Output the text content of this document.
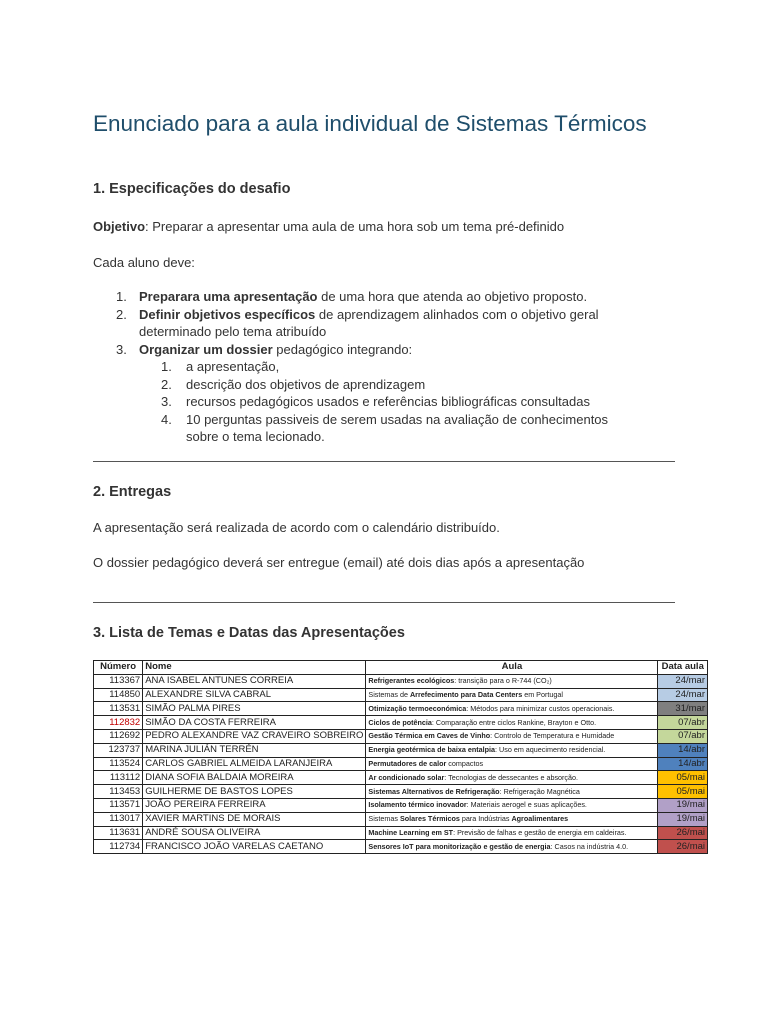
Enunciado para a aula individual de Sistemas Térmicos
1. Especificações do desafio

Objetivo: Preparar a apresentar uma aula de uma hora sob um tema pré-definido

Cada aluno deve:

1. Preparara uma apresentação de uma hora que atenda ao objetivo proposto.
2. Definir objetivos específicos de aprendizagem alinhados com o objetivo geral
determinado pelo tema atribuído
3. Organizar um dossier pedagógico integrando:
1. a apresentação,
2. descrição dos objetivos de aprendizagem
3. recursos pedagógicos usados e referências bibliográficas consultadas
4. 10 perguntas passiveis de serem usadas na avaliação de conhecimentos
sobre o tema lecionado.
2. Entregas

A apresentação será realizada de acordo com o calendário distribuído.

O dossier pedagógico deverá ser entregue (email) até dois dias após a apresentação

3. Lista de Temas e Datas das Apresentações
Número	Nome	Aula	Data aula
113367	ANA ISABEL ANTUNES CORREIA	Refrigerantes ecológicos: transição para o R-744 (CO₂)	24/mar
114850	ALEXANDRE SILVA CABRAL	Sistemas de Arrefecimento para Data Centers em Portugal	24/mar
113531	SIMÃO PALMA PIRES	Otimização termoeconómica: Métodos para minimizar custos operacionais.	31/mar
112832	SIMÃO DA COSTA FERREIRA	Ciclos de potência: Comparação entre ciclos Rankine, Brayton e Otto.	07/abr
112692	PEDRO ALEXANDRE VAZ CRAVEIRO SOBREIRO	Gestão Térmica em Caves de Vinho: Controlo de Temperatura e Humidade	07/abr
123737	MARINA JULIÁN TERRÉN	Energia geotérmica de baixa entalpia: Uso em aquecimento residencial.	14/abr
113524	CARLOS GABRIEL ALMEIDA LARANJEIRA	Permutadores de calor compactos	14/abr
113112	DIANA SOFIA BALDAIA MOREIRA	Ar condicionado solar: Tecnologias de dessecantes e absorção.	05/mai
113453	GUILHERME DE BASTOS LOPES	Sistemas Alternativos de Refrigeração: Refrigeração Magnética	05/mai
113571	JOÃO PEREIRA FERREIRA	Isolamento térmico inovador: Materiais aerogel e suas aplicações.	19/mai
113017	XAVIER MARTINS DE MORAIS	Sistemas Solares Térmicos para Indústrias Agroalimentares	19/mai
113631	ANDRÉ SOUSA OLIVEIRA	Machine Learning em ST: Previsão de falhas e gestão de energia em caldeiras.	26/mai
112734	FRANCISCO JOÃO VARELAS CAETANO	Sensores IoT para monitorização e gestão de energia: Casos na indústria 4.0.	26/mai
